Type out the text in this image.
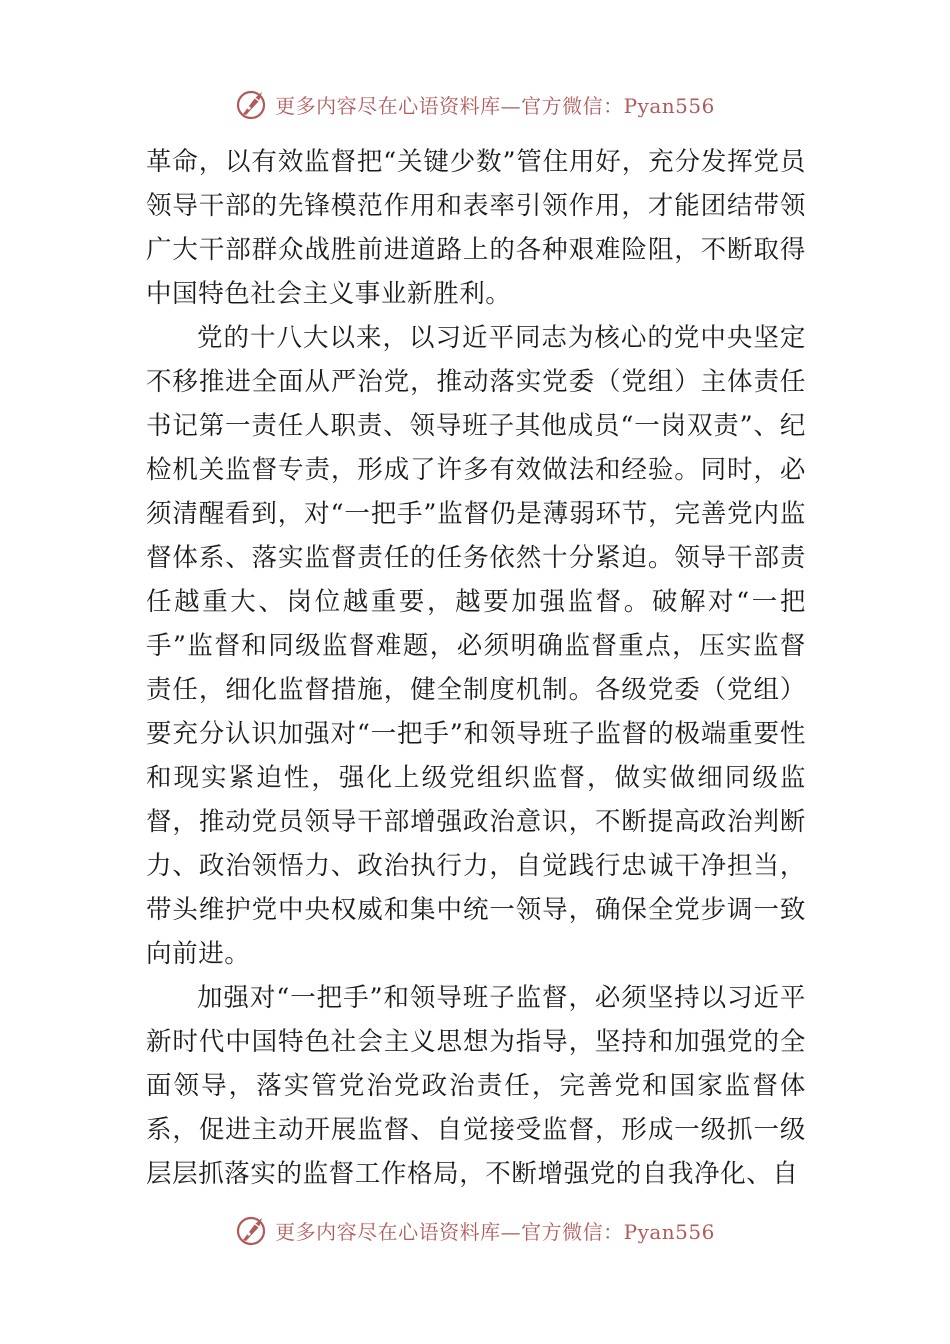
更多内容尽在心语资料库—官方微信：Pyan556

革命，以有效监督把“关键少数”管住用好，充分发挥党员领导干部的先锋模范作用和表率引领作用，才能团结带领广大干部群众战胜前进道路上的各种艰难险阻，不断取得中国特色社会主义事业新胜利。

党的十八大以来，以习近平同志为核心的党中央坚定不移推进全面从严治党，推动落实党委（党组）主体责任书记第一责任人职责、领导班子其他成员“一岗双责”、纪检机关监督专责，形成了许多有效做法和经验。同时，必须清醒看到，对“一把手”监督仍是薄弱环节，完善党内监督体系、落实监督责任的任务依然十分紧迫。领导干部责任越重大、岗位越重要，越要加强监督。破解对“一把手”监督和同级监督难题，必须明确监督重点，压实监督责任，细化监督措施，健全制度机制。各级党委（党组）要充分认识加强对“一把手”和领导班子监督的极端重要性和现实紧迫性，强化上级党组织监督，做实做细同级监督，推动党员领导干部增强政治意识，不断提高政治判断力、政治领悟力、政治执行力，自觉践行忠诚干净担当，带头维护党中央权威和集中统一领导，确保全党步调一致向前进。

加强对“一把手”和领导班子监督，必须坚持以习近平新时代中国特色社会主义思想为指导，坚持和加强党的全面领导，落实管党治党政治责任，完善党和国家监督体系，促进主动开展监督、自觉接受监督，形成一级抓一级层层抓落实的监督工作格局，不断增强党的自我净化、自

更多内容尽在心语资料库—官方微信：Pyan556
